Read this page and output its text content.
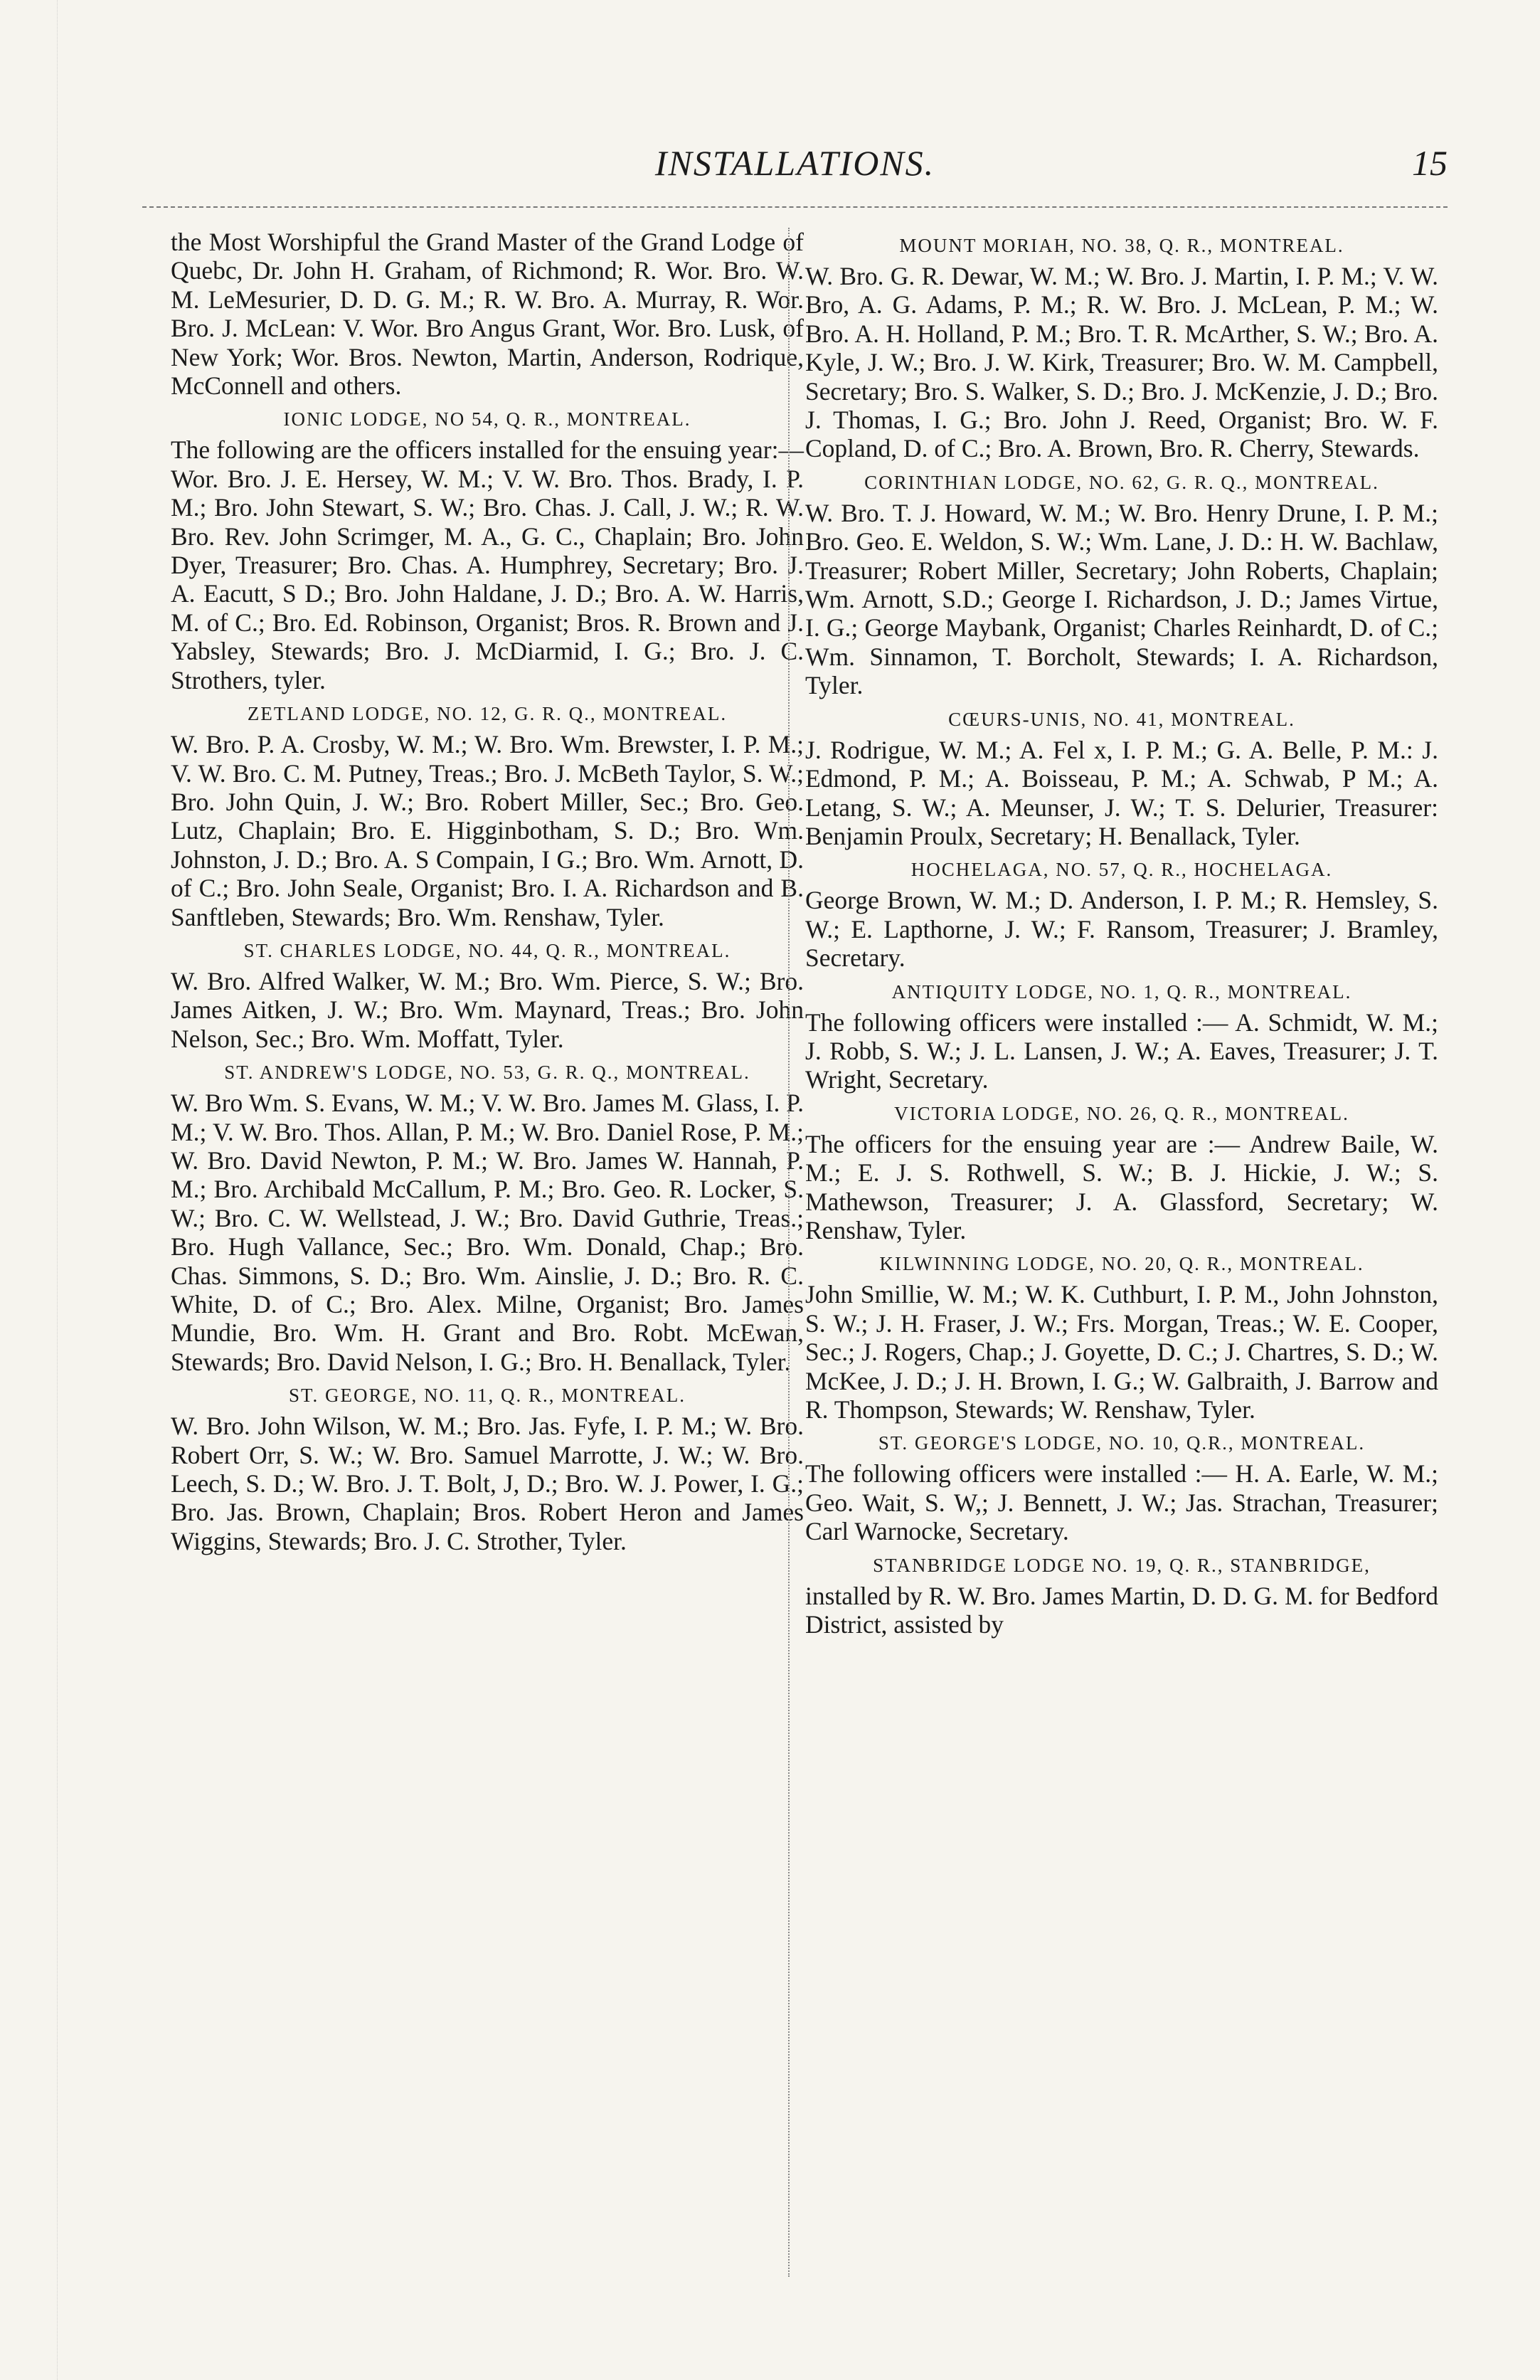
INSTALLATIONS.	15

the Most Worshipful the Grand Master of the Grand Lodge of Quebc, Dr. John H. Graham, of Richmond; R. Wor. Bro. W. M. LeMesurier, D. D. G. M.; R. W. Bro. A. Murray, R. Wor. Bro. J. McLean: V. Wor. Bro Angus Grant, Wor. Bro. Lusk, of New York; Wor. Bros. Newton, Martin, Anderson, Rodrique, McConnell and others.

IONIC LODGE, NO 54, Q. R., MONTREAL.

The following are the officers installed for the ensuing year:—Wor. Bro. J. E. Hersey, W. M.; V. W. Bro. Thos. Brady, I. P. M.; Bro. John Stewart, S. W.; Bro. Chas. J. Call, J. W.; R. W. Bro. Rev. John Scrimger, M. A., G. C., Chaplain; Bro. John Dyer, Treasurer; Bro. Chas. A. Humphrey, Secretary; Bro. J. A. Eacutt, S D.; Bro. John Haldane, J. D.; Bro. A. W. Harris, M. of C.; Bro. Ed. Robinson, Organist; Bros. R. Brown and J. Yabsley, Stewards; Bro. J. McDiarmid, I. G.; Bro. J. C. Strothers, tyler.

ZETLAND LODGE, NO. 12, G. R. Q., MONTREAL.

W. Bro. P. A. Crosby, W. M.; W. Bro. Wm. Brewster, I. P. M.; V. W. Bro. C. M. Putney, Treas.; Bro. J. McBeth Taylor, S. W.; Bro. John Quin, J. W.; Bro. Robert Miller, Sec.; Bro. Geo. Lutz, Chaplain; Bro. E. Higginbotham, S. D.; Bro. Wm. Johnston, J. D.; Bro. A. S Compain, I G.; Bro. Wm. Arnott, D. of C.; Bro. John Seale, Organist; Bro. I. A. Richardson and B. Sanftleben, Stewards; Bro. Wm. Renshaw, Tyler.

ST. CHARLES LODGE, NO. 44, Q. R., MONTREAL.

W. Bro. Alfred Walker, W. M.; Bro. Wm. Pierce, S. W.; Bro. James Aitken, J. W.; Bro. Wm. Maynard, Treas.; Bro. John Nelson, Sec.; Bro. Wm. Moffatt, Tyler.

ST. ANDREW'S LODGE, NO. 53, G. R. Q., MONTREAL.

W. Bro Wm. S. Evans, W. M.; V. W. Bro. James M. Glass, I. P. M.; V. W. Bro. Thos. Allan, P. M.; W. Bro. Daniel Rose, P. M.; W. Bro. David Newton, P. M.; W. Bro. James W. Hannah, P. M.; Bro. Archibald McCallum, P. M.; Bro. Geo. R. Locker, S. W.; Bro. C. W. Wellstead, J. W.; Bro. David Guthrie, Treas.; Bro. Hugh Vallance, Sec.; Bro. Wm. Donald, Chap.; Bro. Chas. Simmons, S. D.; Bro. Wm. Ainslie, J. D.; Bro. R. C. White, D. of C.; Bro. Alex. Milne, Organist; Bro. James Mundie, Bro. Wm. H. Grant and Bro. Robt. McEwan, Stewards; Bro. David Nelson, I. G.; Bro. H. Benallack, Tyler.

ST. GEORGE, NO. 11, Q. R., MONTREAL.

W. Bro. John Wilson, W. M.; Bro. Jas. Fyfe, I. P. M.; W. Bro. Robert Orr, S. W.; W. Bro. Samuel Marrotte, J. W.; W. Bro. Leech, S. D.; W. Bro. J. T. Bolt, J, D.; Bro. W. J. Power, I. G.; Bro. Jas. Brown, Chaplain; Bros. Robert Heron and James Wiggins, Stewards; Bro. J. C. Strother, Tyler.

MOUNT MORIAH, NO. 38, Q. R., MONTREAL.

W. Bro. G. R. Dewar, W. M.; W. Bro. J. Martin, I. P. M.; V. W. Bro, A. G. Adams, P. M.; R. W. Bro. J. McLean, P. M.; W. Bro. A. H. Holland, P. M.; Bro. T. R. McArther, S. W.; Bro. A. Kyle, J. W.; Bro. J. W. Kirk, Treasurer; Bro. W. M. Campbell, Secretary; Bro. S. Walker, S. D.; Bro. J. McKenzie, J. D.; Bro. J. Thomas, I. G.; Bro. John J. Reed, Organist; Bro. W. F. Copland, D. of C.; Bro. A. Brown, Bro. R. Cherry, Stewards.

CORINTHIAN LODGE, NO. 62, G. R. Q., MONTREAL.

W. Bro. T. J. Howard, W. M.; W. Bro. Henry Drune, I. P. M.; Bro. Geo. E. Weldon, S. W.; Wm. Lane, J. D.: H. W. Bachlaw, Treasurer; Robert Miller, Secretary; John Roberts, Chaplain; Wm. Arnott, S.D.; George I. Richardson, J. D.; James Virtue, I. G.; George Maybank, Organist; Charles Reinhardt, D. of C.; Wm. Sinnamon, T. Borcholt, Stewards; I. A. Richardson, Tyler.

CŒURS-UNIS, NO. 41, MONTREAL.

J. Rodrigue, W. M.; A. Fel x, I. P. M.; G. A. Belle, P. M.: J. Edmond, P. M.; A. Boisseau, P. M.; A. Schwab, P M.; A. Letang, S. W.; A. Meunser, J. W.; T. S. Delurier, Treasurer: Benjamin Proulx, Secretary; H. Benallack, Tyler.

HOCHELAGA, NO. 57, Q. R., HOCHELAGA.

George Brown, W. M.; D. Anderson, I. P. M.; R. Hemsley, S. W.; E. Lapthorne, J. W.; F. Ransom, Treasurer; J. Bramley, Secretary.

ANTIQUITY LODGE, NO. 1, Q. R., MONTREAL.

The following officers were installed :— A. Schmidt, W. M.; J. Robb, S. W.; J. L. Lansen, J. W.; A. Eaves, Treasurer; J. T. Wright, Secretary.

VICTORIA LODGE, NO. 26, Q. R., MONTREAL.

The officers for the ensuing year are :— Andrew Baile, W. M.; E. J. S. Rothwell, S. W.; B. J. Hickie, J. W.; S. Mathewson, Treasurer; J. A. Glassford, Secretary; W. Renshaw, Tyler.

KILWINNING LODGE, NO. 20, Q. R., MONTREAL.

John Smillie, W. M.; W. K. Cuthburt, I. P. M., John Johnston, S. W.; J. H. Fraser, J. W.; Frs. Morgan, Treas.; W. E. Cooper, Sec.; J. Rogers, Chap.; J. Goyette, D. C.; J. Chartres, S. D.; W. McKee, J. D.; J. H. Brown, I. G.; W. Galbraith, J. Barrow and R. Thompson, Stewards; W. Renshaw, Tyler.

ST. GEORGE'S LODGE, NO. 10, Q.R., MONTREAL.

The following officers were installed :— H. A. Earle, W. M.; Geo. Wait, S. W,; J. Bennett, J. W.; Jas. Strachan, Treasurer; Carl Warnocke, Secretary.

STANBRIDGE LODGE NO. 19, Q. R., STANBRIDGE,

installed by R. W. Bro. James Martin, D. D. G. M. for Bedford District, assisted by
